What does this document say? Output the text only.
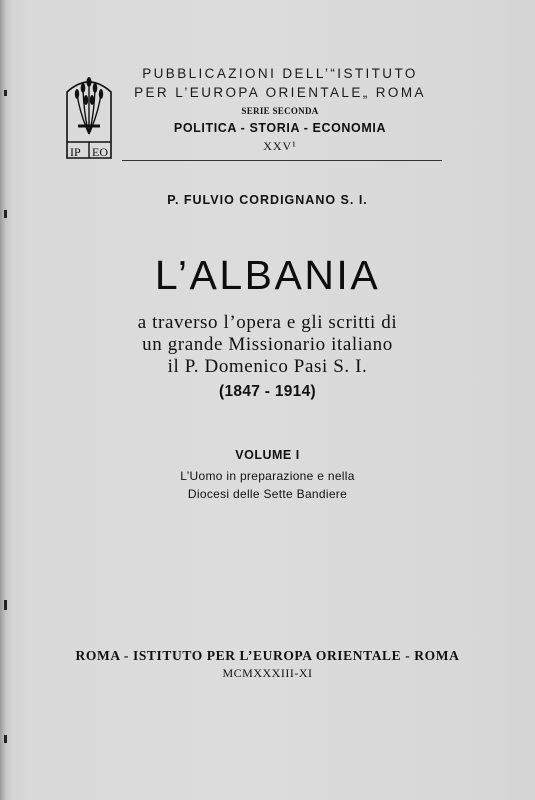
IP EO
PUBBLICAZIONI DELL’“ISTITUTO
PER L’EUROPA ORIENTALE„ ROMA
SERIE SECONDA
POLITICA - STORIA - ECONOMIA
XXV¹
P. FULVIO CORDIGNANO S. I.
L’ALBANIA
a traverso l’opera e gli scritti di
un grande Missionario italiano
il P. Domenico Pasi S. I.
(1847 - 1914)
VOLUME I
L’Uomo in preparazione e nella
Diocesi delle Sette Bandiere
ROMA - ISTITUTO PER L’EUROPA ORIENTALE - ROMA
MCMXXXIII-XI
